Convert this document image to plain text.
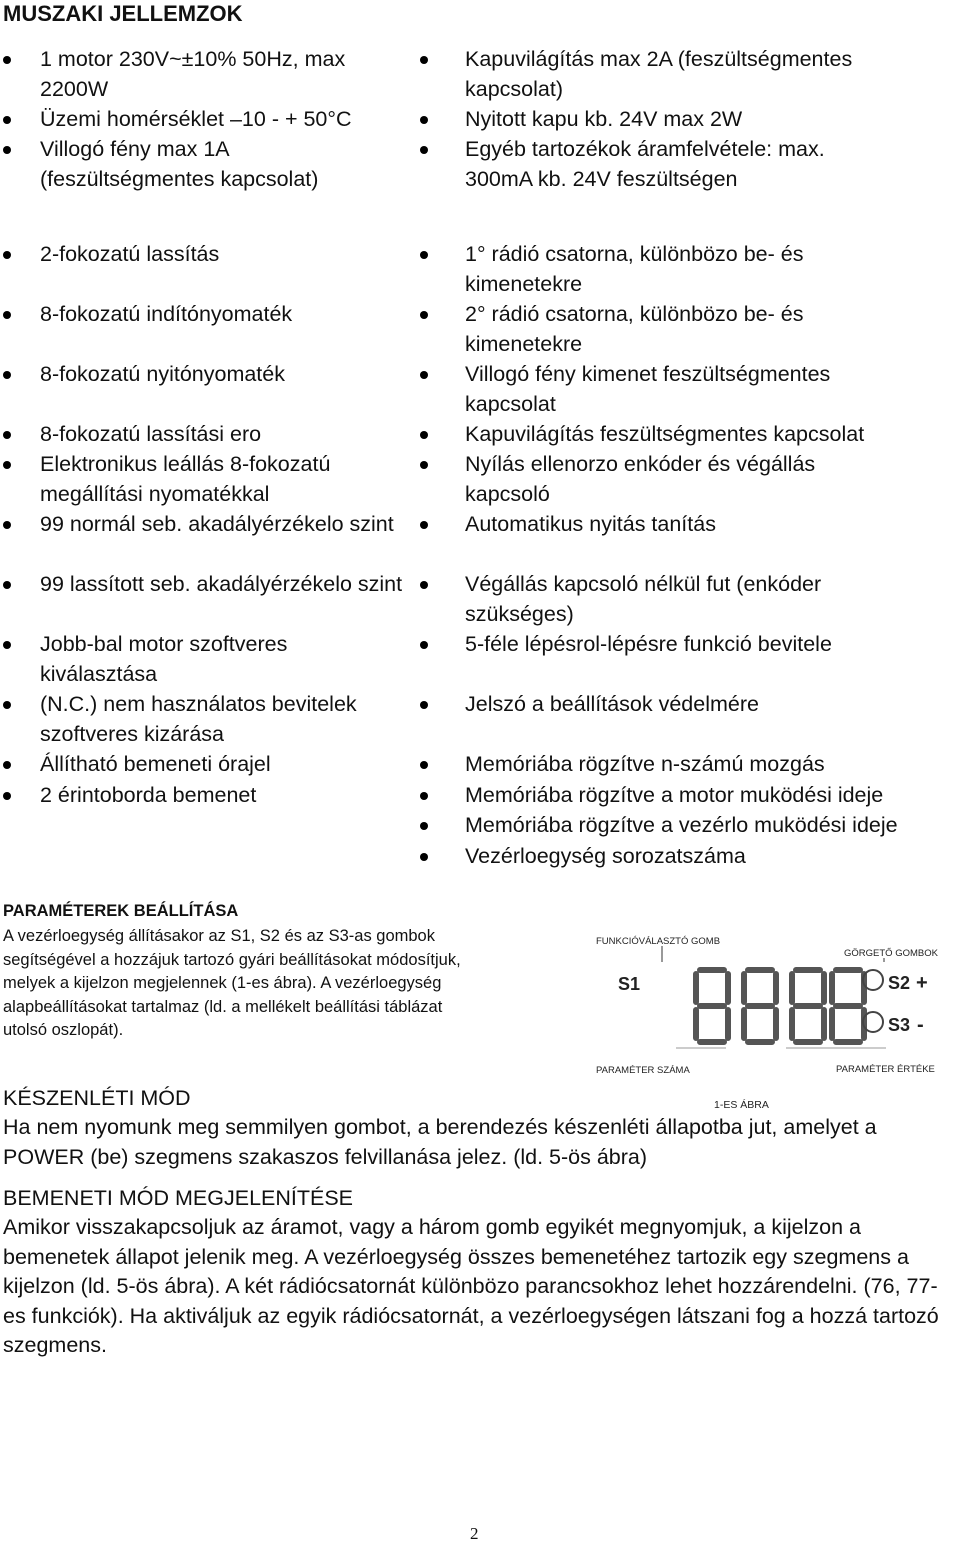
MUSZAKI JELLEMZOK
1 motor 230V~±10% 50Hz, max 2200W
Üzemi homérséklet –10 - + 50°C
Villogó fény max 1A (feszültségmentes kapcsolat)
Kapuvilágítás max 2A (feszültségmentes kapcsolat)
Nyitott kapu kb. 24V max 2W
Egyéb tartozékok áramfelvétele: max. 300mA kb. 24V feszültségen
2-fokozatú lassítás
8-fokozatú indítónyomaték
8-fokozatú nyitónyomaték
8-fokozatú lassítási ero
Elektronikus leállás 8-fokozatú megállítási nyomatékkal
99 normál seb. akadályérzékelo szint
99 lassított seb. akadályérzékelo szint
Jobb-bal motor szoftveres kiválasztása
(N.C.) nem használatos bevitelek szoftveres kizárása
Állítható bemeneti órajel
2 érintoborda bemenet
1° rádió csatorna, különbözo be- és kimenetekre
2° rádió csatorna, különbözo be- és kimenetekre
Villogó fény kimenet feszültségmentes kapcsolat
Kapuvilágítás feszültségmentes kapcsolat
Nyílás ellenorzo enkóder és végállás kapcsoló
Automatikus nyitás tanítás
Végállás kapcsoló nélkül fut (enkóder szükséges)
5-féle lépésrol-lépésre funkció bevitele
Jelszó a beállítások védelmére
Memóriába rögzítve n-számú mozgás
Memóriába rögzítve a motor muködési ideje
Memóriába rögzítve a vezérlo muködési ideje
Vezérloegység sorozatszáma
PARAMÉTEREK BEÁLLÍTÁSA
A vezérloegység állításakor az S1, S2 és az S3-as gombok segítségével a hozzájuk tartozó gyári beállításokat módosítjuk, melyek a kijelzon megjelennek (1-es ábra). A vezérloegység alapbeállításokat tartalmaz (ld. a mellékelt beállítási táblázat utolsó oszlopát).
FUNKCIÓVÁLASZTÓ GOMB
GÖRGETŐ GOMBOK
S1	S2 +
S3 -
PARAMÉTER SZÁMA	PARAMÉTER ÉRTÉKE
1-ES ÁBRA
KÉSZENLÉTI MÓD
Ha nem nyomunk meg semmilyen gombot, a berendezés készenléti állapotba jut, amelyet a POWER (be) szegmens szakaszos felvillanása jelez. (ld. 5-ös ábra)
BEMENETI MÓD MEGJELENÍTÉSE
Amikor visszakapcsoljuk az áramot, vagy a három gomb egyikét megnyomjuk, a kijelzon a bemenetek állapot jelenik meg. A vezérloegység összes bemenetéhez tartozik egy szegmens a kijelzon (ld. 5-ös ábra). A két rádiócsatornát különbözo parancsokhoz lehet hozzárendelni. (76, 77-es funkciók). Ha aktiváljuk az egyik rádiócsatornát, a vezérloegységen látszani fog a hozzá tartozó szegmens.
2
